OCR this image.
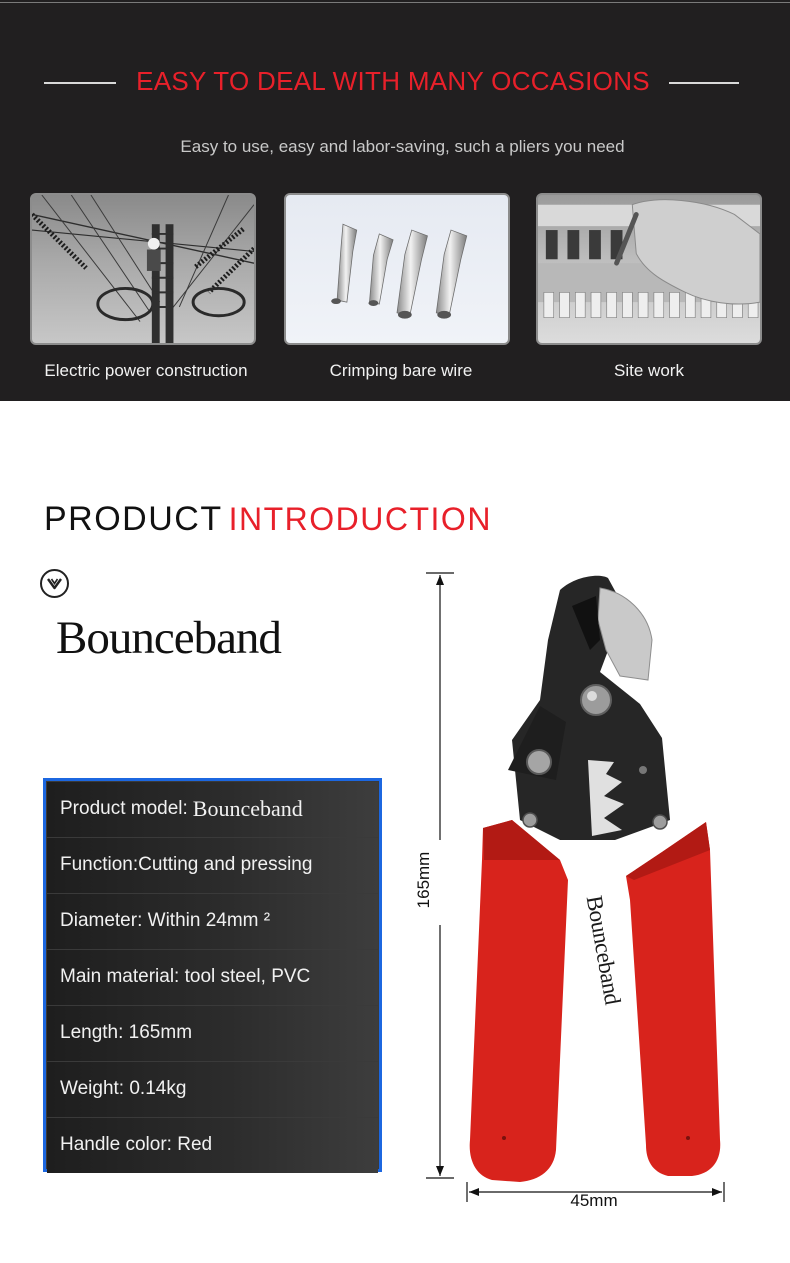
EASY TO DEAL WITH MANY OCCASIONS
Easy to use, easy and labor-saving, such a pliers you need
Electric power construction	Crimping bare wire	Site work
PRODUCT INTRODUCTION
Bounceband
Product model: Bounceband
Function:Cutting and pressing
Diameter: Within 24mm ²
Main material: tool steel, PVC
Length: 165mm
Weight: 0.14kg
Handle color: Red
Bounceband
165mm
45mm
